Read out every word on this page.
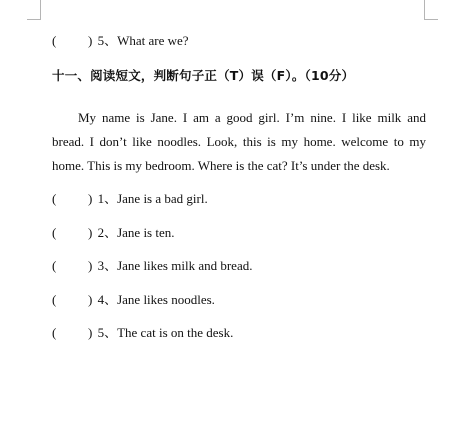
( ) 5、What are we?
十一、阅读短文，判断句子正（T）误（F）。（10分）
My name is Jane. I am a good girl. I’m nine. I like milk and
bread. I don’t like noodles. Look, this is my home. welcome to my
home. This is my bedroom. Where is the cat? It’s under the desk.
( ) 1、Jane is a bad girl.
( ) 2、Jane is ten.
( ) 3、Jane likes milk and bread.
( ) 4、Jane likes noodles.
( ) 5、The cat is on the desk.
